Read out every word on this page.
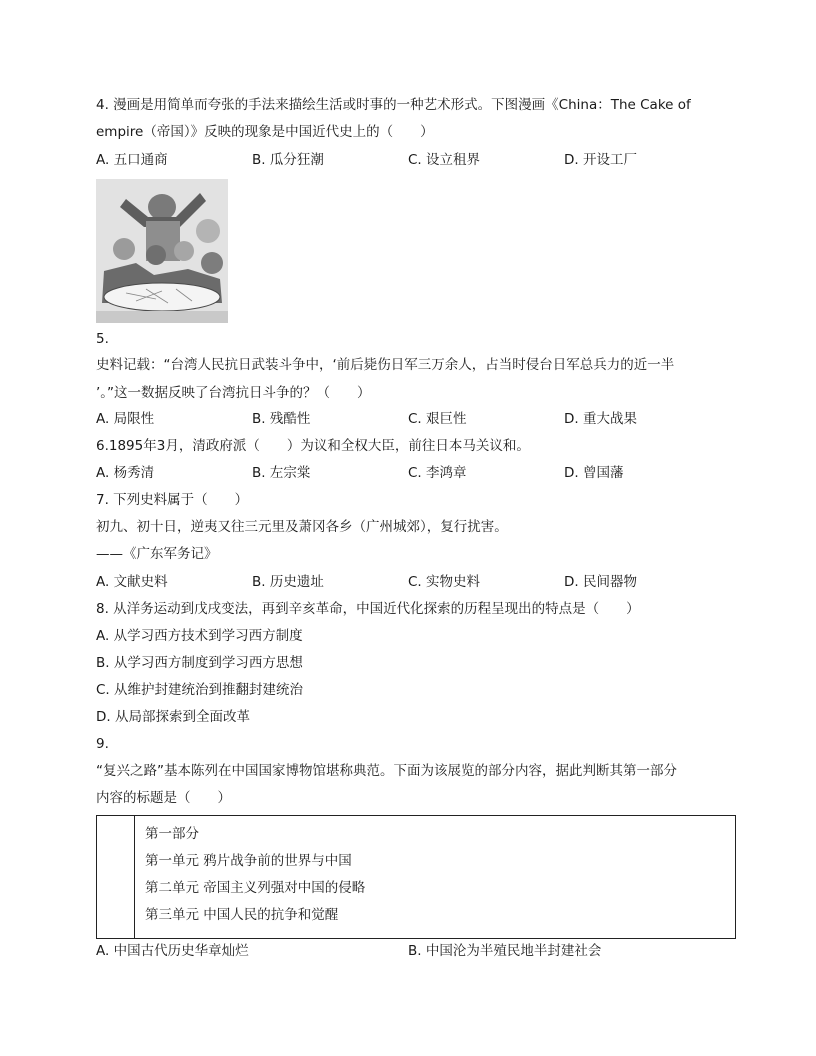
4. 漫画是用简单而夸张的手法来描绘生活或时事的一种艺术形式。下图漫画《China：The Cake of
empire（帝国）》反映的现象是中国近代史上的（　　）
A. 五口通商	B. 瓜分狂潮	C. 设立租界	D. 开设工厂
5.
史料记载：“台湾人民抗日武装斗争中，‘前后毙伤日军三万余人，占当时侵台日军总兵力的近一半
’。”这一数据反映了台湾抗日斗争的？（　　）
A. 局限性	B. 残酷性	C. 艰巨性	D. 重大战果
6.1895年3月，清政府派（　　）为议和全权大臣，前往日本马关议和。
A. 杨秀清	B. 左宗棠	C. 李鸿章	D. 曾国藩
7. 下列史料属于（　　）
初九、初十日，逆夷又往三元里及萧冈各乡（广州城郊），复行扰害。
——《广东军务记》
A. 文献史料	B. 历史遗址	C. 实物史料	D. 民间器物
8. 从洋务运动到戊戌变法，再到辛亥革命，中国近代化探索的历程呈现出的特点是（　　）
A. 从学习西方技术到学习西方制度
B. 从学习西方制度到学习西方思想
C. 从维护封建统治到推翻封建统治
D. 从局部探索到全面改革
9.
“复兴之路”基本陈列在中国国家博物馆堪称典范。下面为该展览的部分内容，据此判断其第一部分
内容的标题是（　　）
第一部分
第一单元 鸦片战争前的世界与中国
第二单元 帝国主义列强对中国的侵略
第三单元 中国人民的抗争和觉醒
A. 中国古代历史华章灿烂	B. 中国沦为半殖民地半封建社会
